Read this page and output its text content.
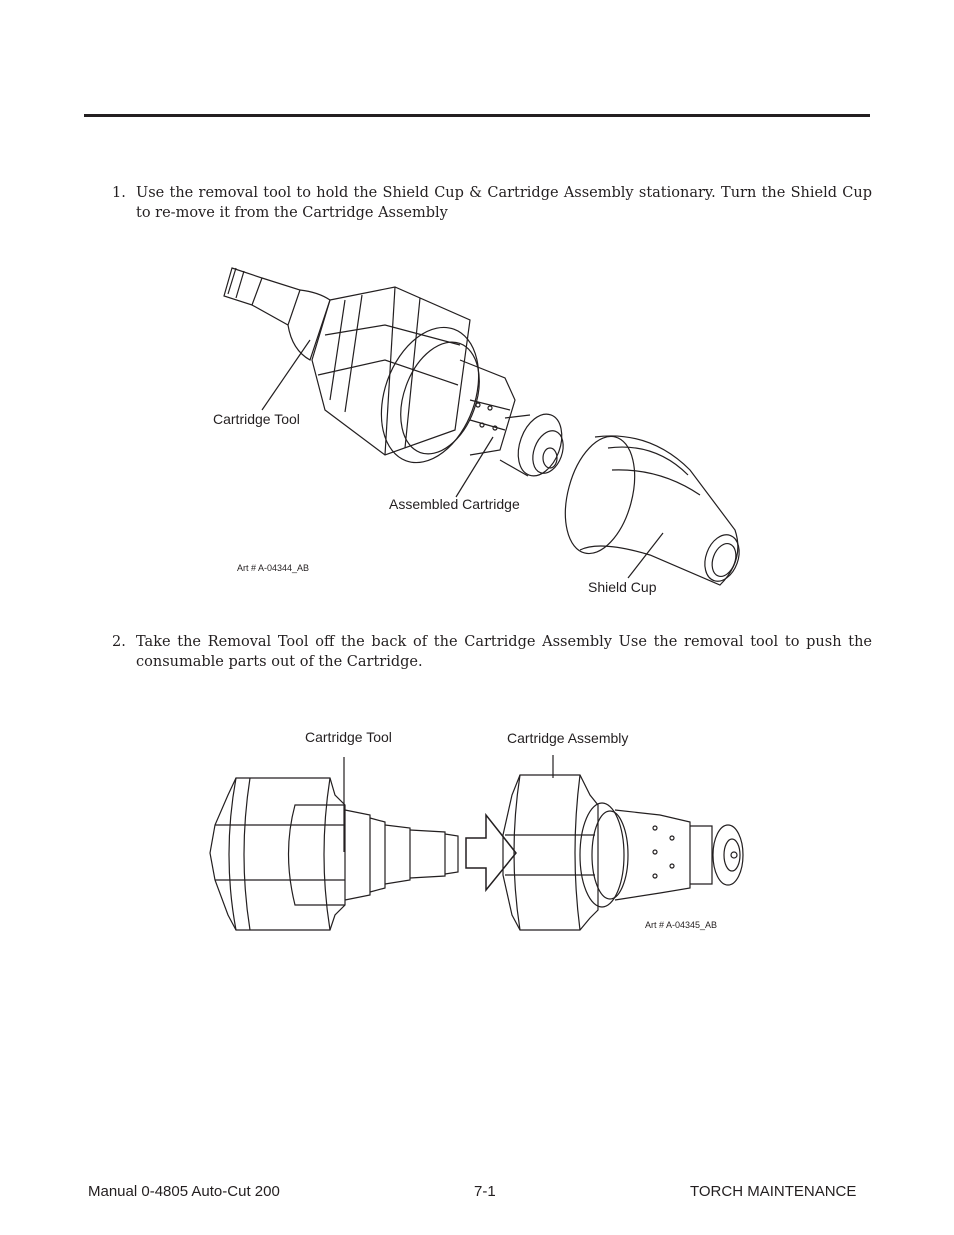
1. Use the removal tool to hold the Shield Cup & Cartridge Assembly stationary. Turn the Shield Cup to re-move it from the Cartridge Assembly
Cartridge Tool
Assembled Cartridge
Shield Cup
Art # A-04344_AB
2. Take the Removal Tool off the back of the Cartridge Assembly Use the removal tool to push the consumable parts out of the Cartridge.
Cartridge Tool	Cartridge Assembly
Art # A-04345_AB
Manual 0-4805 Auto-Cut 200	7-1	TORCH MAINTENANCE
